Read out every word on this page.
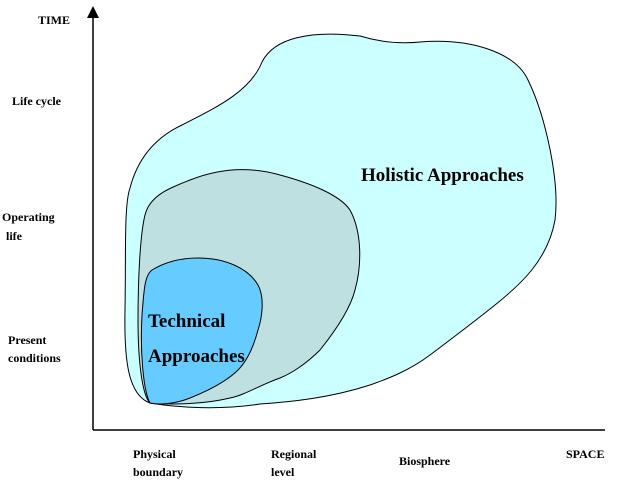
TIME
Life cycle
Operating
life
Present
conditions
Physical
boundary
Regional
level
Biosphere	SPACE
Holistic Approaches
Technical
Approaches
